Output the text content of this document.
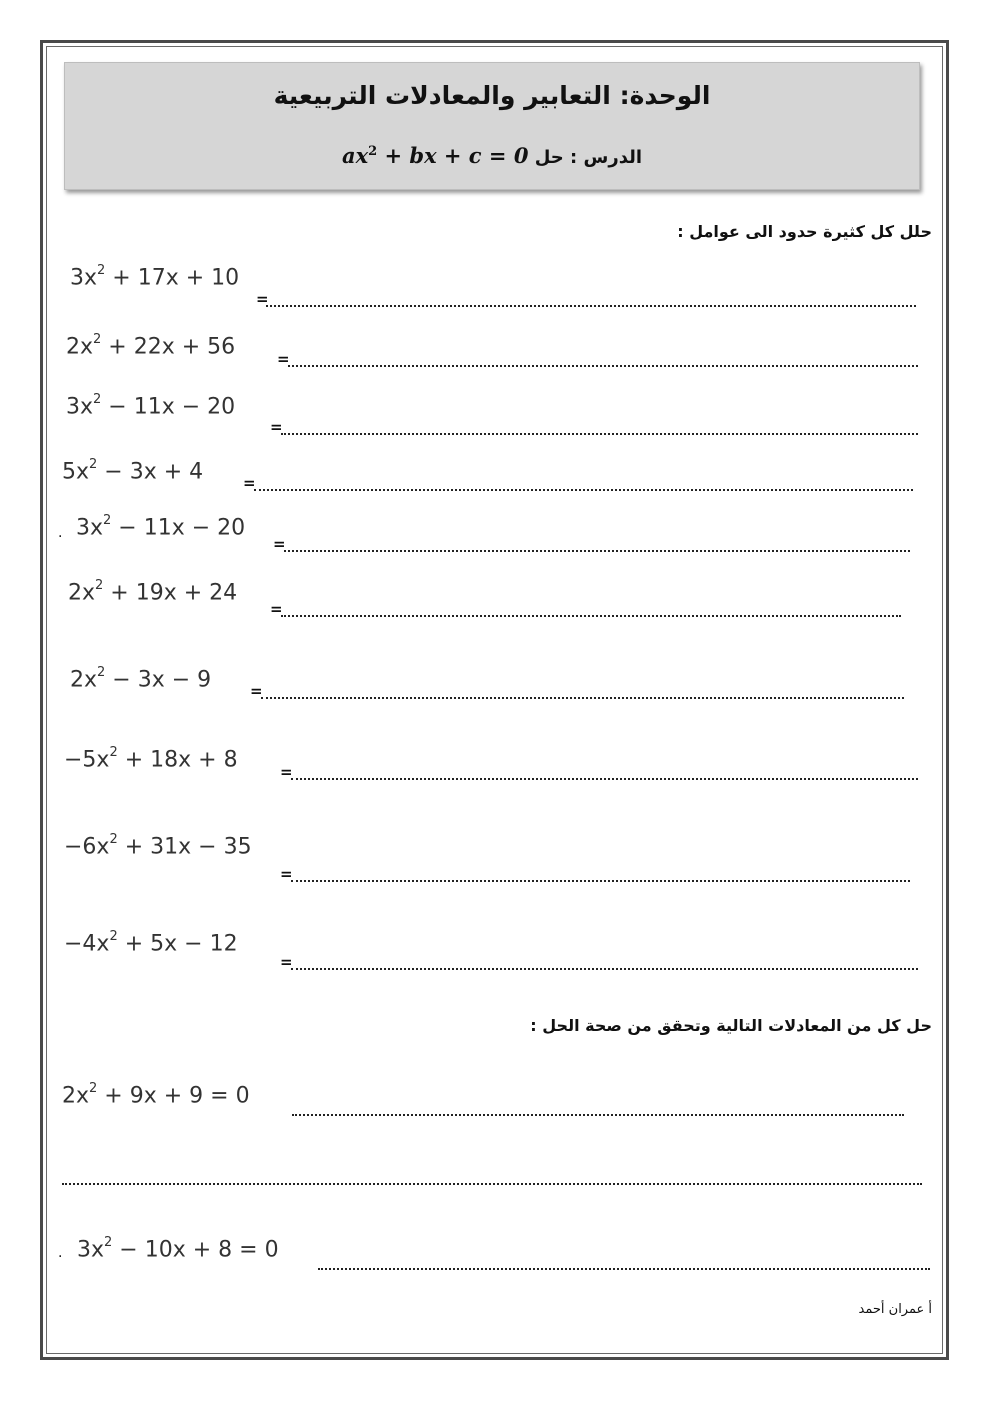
الوحدة: التعابير والمعادلات التربيعية
الدرس : حل $ax^2$ + bx + c = 0
حلل كل كثيرة حدود الى عوامل :
$3x^2 + 17x + 10$
=
$2x^2 + 22x + 56$	=
$3x^2 - 11x - 20$
=
$5x^2 - 3x + 4$	=
. $3x^2 - 11x - 20$
=
$2x^2 + 19x + 24$
=
$2x^2 - 3x - 9$	=
$-5x^2 + 18x + 8$	=
$-6x^2 + 31x - 35$
=
$-4x^2 + 5x - 12$
=
حل كل من المعادلات التالية وتحقق من صحة الحل :
$2x^2 + 9x + 9 = 0$
. $3x^2 - 10x + 8 = 0$
أ عمران أحمد
